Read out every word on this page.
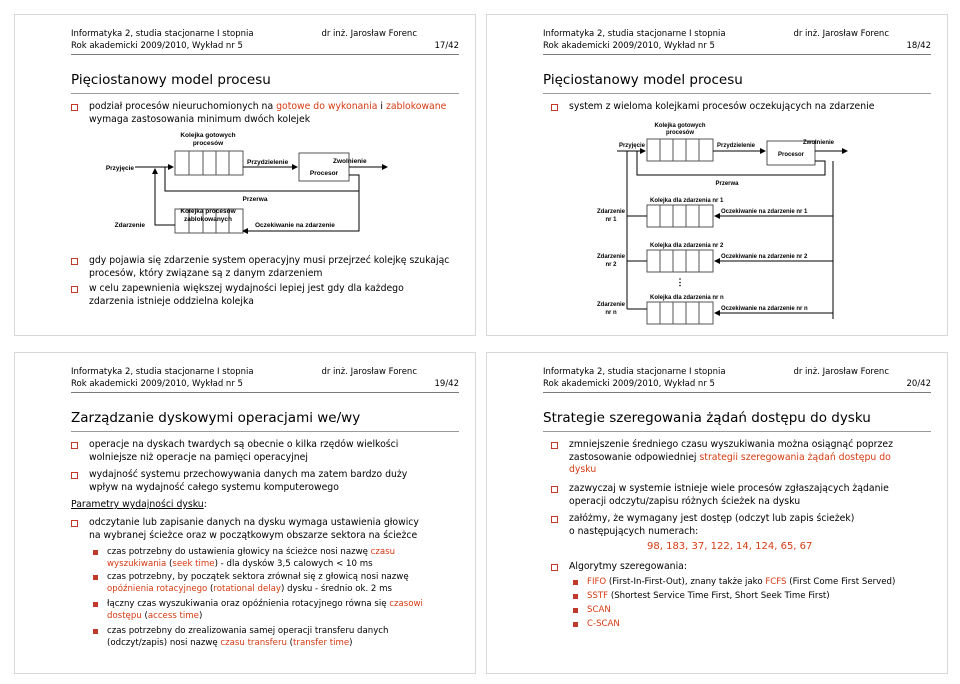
Informatyka 2, studia stacjonarne I stopnia
Rok akademicki 2009/2010, Wykład nr 5
dr inż. Jarosław Forenc
17/42
Pięciostanowy model procesu
podział procesów nieuruchomionych na gotowe do wykonania i zablokowane
wymaga zastosowania minimum dwóch kolejek
Kolejka gotowych
procesów
Przyjęcie
Przydzielenie
Procesor
Zwolnienie
Przerwa
Kolejka procesów
zablokowanych
Oczekiwanie na zdarzenie
Zdarzenie
gdy pojawia się zdarzenie system operacyjny musi przejrzeć kolejkę szukając
procesów, który związane są z danym zdarzeniem
w celu zapewnienia większej wydajności lepiej jest gdy dla każdego
zdarzenia istnieje oddzielna kolejka
Informatyka 2, studia stacjonarne I stopnia
Rok akademicki 2009/2010, Wykład nr 5
dr inż. Jarosław Forenc
18/42
Pięciostanowy model procesu
system z wieloma kolejkami procesów oczekujących na zdarzenie
Kolejka gotowych
procesów
Przyjęcie	Przydzielenie
Procesor
Zwolnienie
Przerwa
Kolejka dla zdarzenia nr 1
Oczekiwanie na zdarzenie nr 1
Zdarzenie
nr 1
Kolejka dla zdarzenia nr 2
Oczekiwanie na zdarzenie nr 2
Zdarzenie
nr 2
⋮
Kolejka dla zdarzenia nr n
Oczekiwanie na zdarzenie nr n
Zdarzenie
nr n
Informatyka 2, studia stacjonarne I stopnia
Rok akademicki 2009/2010, Wykład nr 5
dr inż. Jarosław Forenc
19/42
Zarządzanie dyskowymi operacjami we/wy
operacje na dyskach twardych są obecnie o kilka rzędów wielkości
wolniejsze niż operacje na pamięci operacyjnej
wydajność systemu przechowywania danych ma zatem bardzo duży
wpływ na wydajność całego systemu komputerowego
Parametry wydajności dysku:
odczytanie lub zapisanie danych na dysku wymaga ustawienia głowicy
na wybranej ścieżce oraz w początkowym obszarze sektora na ścieżce
czas potrzebny do ustawienia głowicy na ścieżce nosi nazwę czasu
wyszukiwania (seek time) - dla dysków 3,5 calowych < 10 ms
czas potrzebny, by początek sektora zrównał się z głowicą nosi nazwę
opóźnienia rotacyjnego (rotational delay) dysku - średnio ok. 2 ms
łączny czas wyszukiwania oraz opóźnienia rotacyjnego równa się czasowi
dostępu (access time)
czas potrzebny do zrealizowania samej operacji transferu danych
(odczyt/zapis) nosi nazwę czasu transferu (transfer time)
Informatyka 2, studia stacjonarne I stopnia
Rok akademicki 2009/2010, Wykład nr 5
dr inż. Jarosław Forenc
20/42
Strategie szeregowania żądań dostępu do dysku
zmniejszenie średniego czasu wyszukiwania można osiągnąć poprzez
zastosowanie odpowiedniej strategii szeregowania żądań dostępu do
dysku
zazwyczaj w systemie istnieje wiele procesów zgłaszających żądanie
operacji odczytu/zapisu różnych ścieżek na dysku
załóżmy, że wymagany jest dostęp (odczyt lub zapis ścieżek)
o następujących numerach:
98, 183, 37, 122, 14, 124, 65, 67
Algorytmy szeregowania:
FIFO (First-In-First-Out), znany także jako FCFS (First Come First Served)
SSTF (Shortest Service Time First, Short Seek Time First)
SCAN
C-SCAN
